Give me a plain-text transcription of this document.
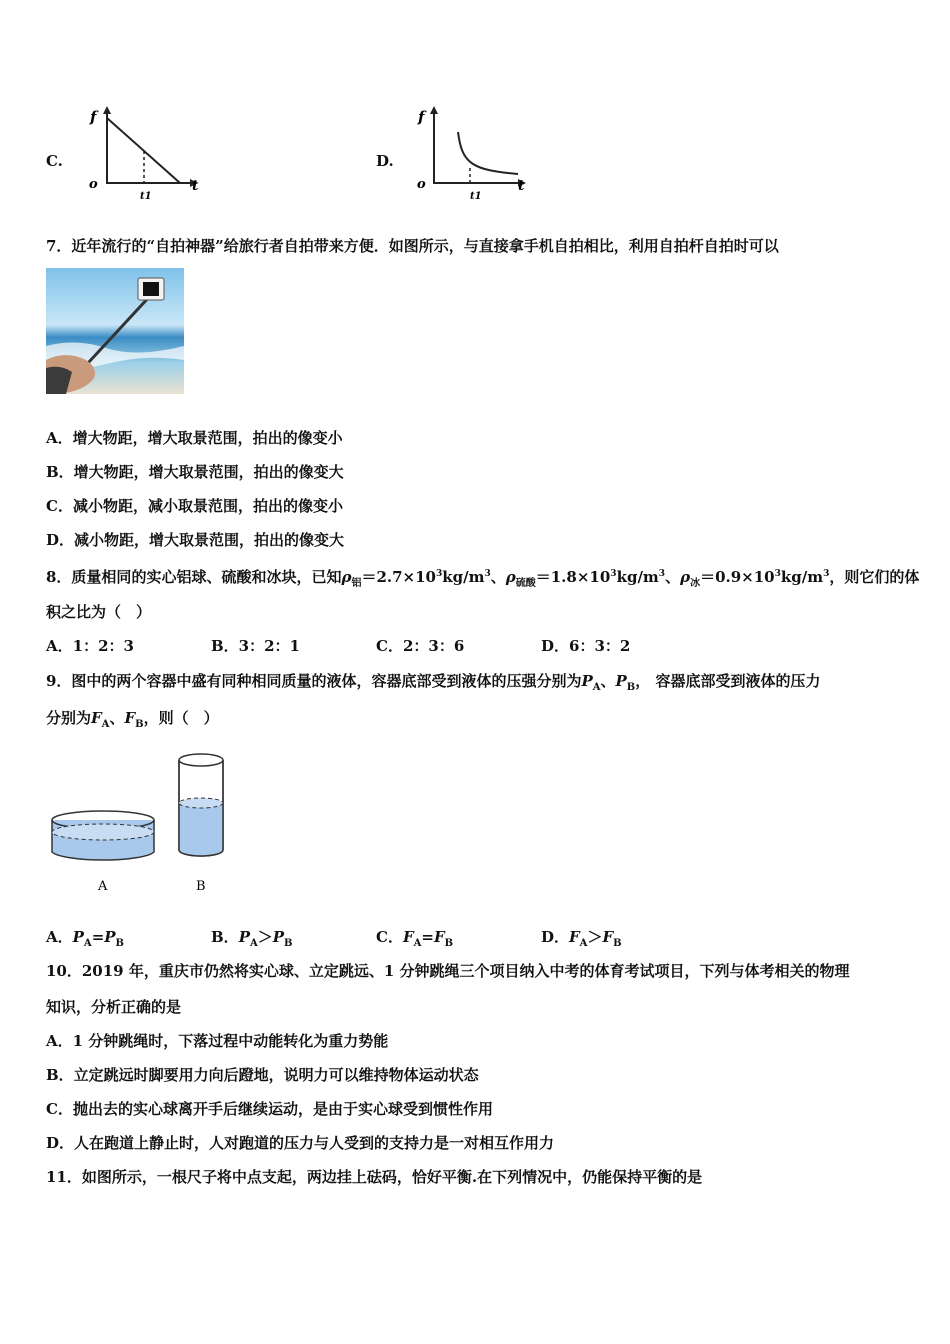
C.
f
o	t
t1
D.
f
o	t
t1
7．近年流行的“自拍神器”给旅行者自拍带来方便．如图所示，与直接拿手机自拍相比，利用自拍杆自拍时可以
A．增大物距，增大取景范围，拍出的像变小
B．增大物距，增大取景范围，拍出的像变大
C．减小物距，减小取景范围，拍出的像变小
D．减小物距，增大取景范围，拍出的像变大
8．质量相同的实心铝球、硫酸和冰块，已知$\rho_铝=2.7\times 10^3kg/m^3$、$\rho_{硫酸}=1.8\times 10^3kg/m^3$、$\rho_冰=0.9\times 10^3kg/m^3$，则它们的体
积之比为（　）
A．1：2：3	B．3：2：1	C．2：3：6	D．6：3：2
9．图中的两个容器中盛有同种相同质量的液体，容器底部受到液体的压强分别为$P_A$、$P_B$， 容器底部受到液体的压力
分别为$F_A$、$F_B$，则（　）
A	B
A．$P_A=P_B$	B．$P_A>P_B$	C．$F_A=F_B$	D．$F_A>F_B$
10．2019 年，重庆市仍然将实心球、立定跳远、1 分钟跳绳三个项目纳入中考的体育考试项目，下列与体考相关的物理
知识，分析正确的是
A．1 分钟跳绳时，下落过程中动能转化为重力势能
B．立定跳远时脚要用力向后蹬地，说明力可以维持物体运动状态
C．抛出去的实心球离开手后继续运动，是由于实心球受到惯性作用
D．人在跑道上静止时，人对跑道的压力与人受到的支持力是一对相互作用力
11．如图所示，一根尺子将中点支起，两边挂上砝码，恰好平衡.在下列情况中，仍能保持平衡的是
